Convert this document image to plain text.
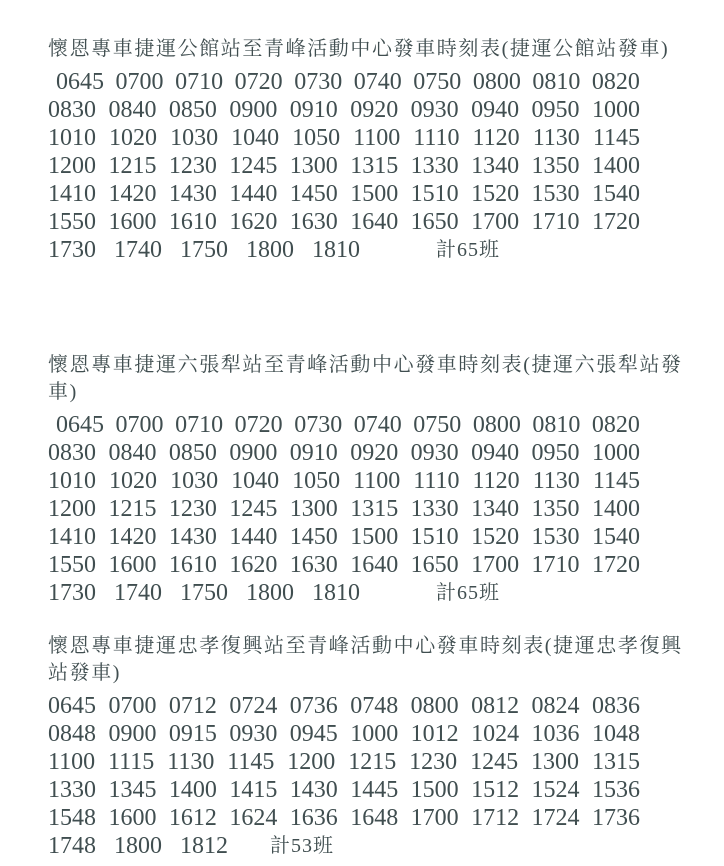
懷恩專車捷運公館站至青峰活動中心發車時刻表(捷運公館站發車)
0645 0700 0710 0720 0730 0740 0750 0800 0810 0820
0830 0840 0850 0900 0910 0920 0930 0940 0950 1000
1010 1020 1030 1040 1050 1100 1110 1120 1130 1145
1200 1215 1230 1245 1300 1315 1330 1340 1350 1400
1410 1420 1430 1440 1450 1500 1510 1520 1530 1540
1550 1600 1610 1620 1630 1640 1650 1700 1710 1720
1730 1740 1750 1800 1810	計65班
懷恩專車捷運六張犁站至青峰活動中心發車時刻表(捷運六張犁站發
車)
0645 0700 0710 0720 0730 0740 0750 0800 0810 0820
0830 0840 0850 0900 0910 0920 0930 0940 0950 1000
1010 1020 1030 1040 1050 1100 1110 1120 1130 1145
1200 1215 1230 1245 1300 1315 1330 1340 1350 1400
1410 1420 1430 1440 1450 1500 1510 1520 1530 1540
1550 1600 1610 1620 1630 1640 1650 1700 1710 1720
1730 1740 1750 1800 1810	計65班
懷恩專車捷運忠孝復興站至青峰活動中心發車時刻表(捷運忠孝復興
站發車)
0645 0700 0712 0724 0736 0748 0800 0812 0824 0836
0848 0900 0915 0930 0945 1000 1012 1024 1036 1048
1100 1115 1130 1145 1200 1215 1230 1245 1300 1315
1330 1345 1400 1415 1430 1445 1500 1512 1524 1536
1548 1600 1612 1624 1636 1648 1700 1712 1724 1736
1748 1800 1812 計53班
